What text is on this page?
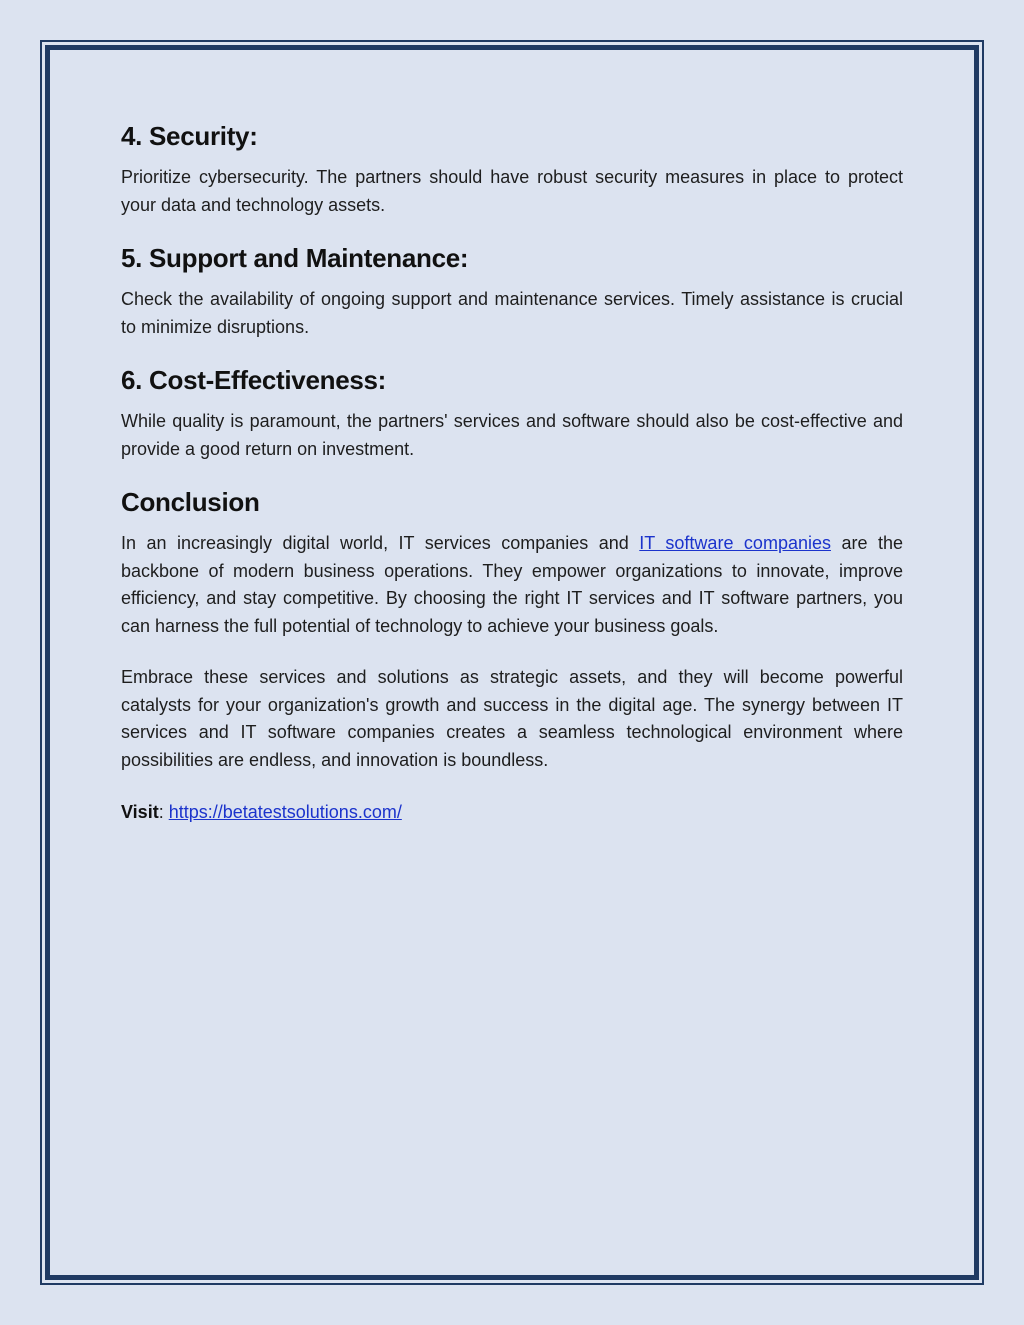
4. Security:

Prioritize cybersecurity. The partners should have robust security measures in place to protect your data and technology assets.

5. Support and Maintenance:

Check the availability of ongoing support and maintenance services. Timely assistance is crucial to minimize disruptions.

6. Cost-Effectiveness:

While quality is paramount, the partners' services and software should also be cost-effective and provide a good return on investment.

Conclusion

In an increasingly digital world, IT services companies and IT software companies are the backbone of modern business operations. They empower organizations to innovate, improve efficiency, and stay competitive. By choosing the right IT services and IT software partners, you can harness the full potential of technology to achieve your business goals.

Embrace these services and solutions as strategic assets, and they will become powerful catalysts for your organization's growth and success in the digital age. The synergy between IT services and IT software companies creates a seamless technological environment where possibilities are endless, and innovation is boundless.

Visit: https://betatestsolutions.com/
